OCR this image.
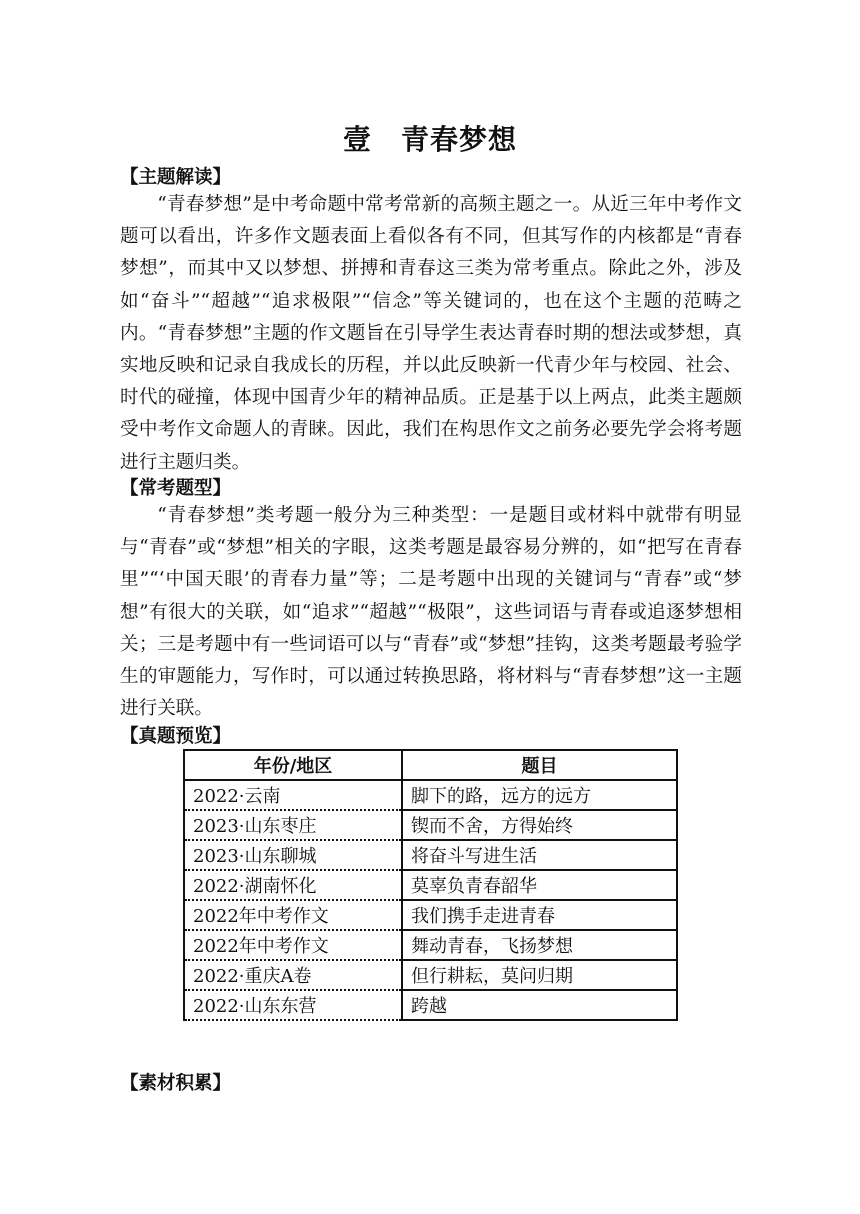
壹　青春梦想
【主题解读】

“青春梦想”是中考命题中常考常新的高频主题之一。从近三年中考作文题可以看出，许多作文题表面上看似各有不同，但其写作的内核都是“青春梦想”，而其中又以梦想、拼搏和青春这三类为常考重点。除此之外，涉及如“奋斗”“超越”“追求极限”“信念”等关键词的，也在这个主题的范畴之内。“青春梦想”主题的作文题旨在引导学生表达青春时期的想法或梦想，真实地反映和记录自我成长的历程，并以此反映新一代青少年与校园、社会、时代的碰撞，体现中国青少年的精神品质。正是基于以上两点，此类主题颇受中考作文命题人的青睐。因此，我们在构思作文之前务必要先学会将考题进行主题归类。

【常考题型】

“青春梦想”类考题一般分为三种类型：一是题目或材料中就带有明显与“青春”或“梦想”相关的字眼，这类考题是最容易分辨的，如“把写在青春里”“‘中国天眼’的青春力量”等；二是考题中出现的关键词与“青春”或“梦想”有很大的关联，如“追求”“超越”“极限”，这些词语与青春或追逐梦想相关；三是考题中有一些词语可以与“青春”或“梦想”挂钩，这类考题最考验学生的审题能力，写作时，可以通过转换思路，将材料与“青春梦想”这一主题进行关联。

【真题预览】
年份/地区	题目
2022·云南	脚下的路，远方的远方
2023·山东枣庄	锲而不舍，方得始终
2023·山东聊城	将奋斗写进生活
2022·湖南怀化	莫辜负青春韶华
2022年中考作文	我们携手走进青春
2022年中考作文	舞动青春，飞扬梦想
2022·重庆A卷	但行耕耘，莫问归期
2022·山东东营	跨越
【素材积累】
